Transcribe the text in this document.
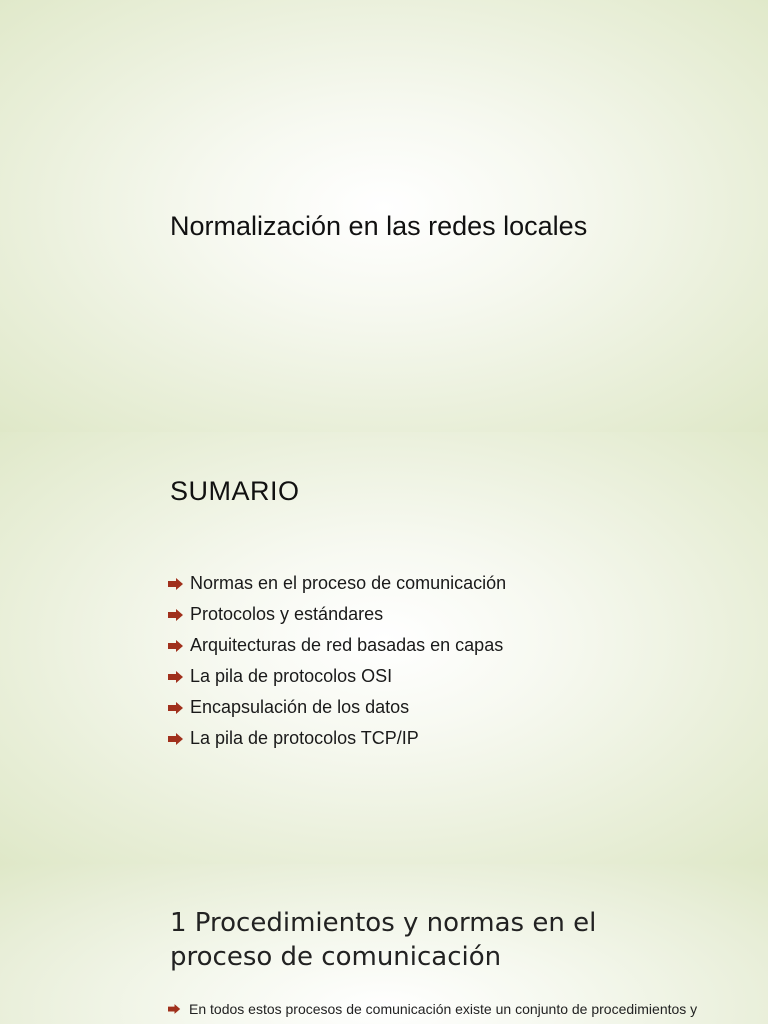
Normalización en las redes locales
SUMARIO
Normas en el proceso de comunicación
Protocolos y estándares
Arquitecturas de red basadas en capas
La pila de protocolos OSI
Encapsulación de los datos
La pila de protocolos TCP/IP
1 Procedimientos y normas en el
proceso de comunicación

En todos estos procesos de comunicación existe un conjunto de procedimientos y
